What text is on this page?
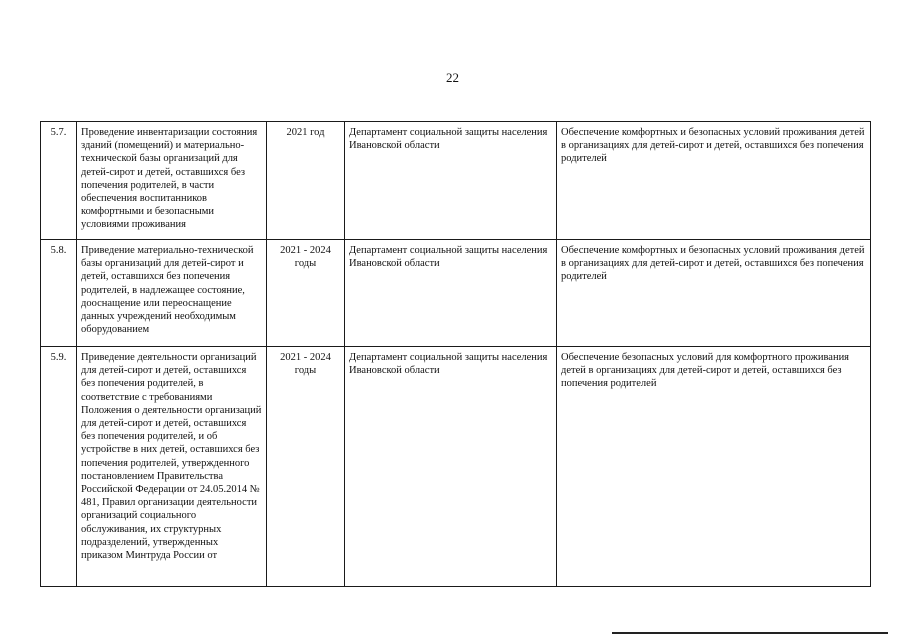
22
5.7.	Проведение инвентаризации состояния зданий (помещений) и материально-технической базы организаций для детей-сирот и детей, оставшихся без попечения родителей, в части обеспечения воспитанников комфортными и безопасными условиями проживания	2021 год	Департамент социальной защиты населения Ивановской области	Обеспечение комфортных и безопасных условий проживания детей в организациях для детей-сирот и детей, оставшихся без попечения родителей
5.8.	Приведение материально-технической базы организаций для детей-сирот и детей, оставшихся без попечения родителей, в надлежащее состояние, дооснащение или переоснащение данных учреждений необходимым оборудованием	2021 - 2024 годы	Департамент социальной защиты населения Ивановской области	Обеспечение комфортных и безопасных условий проживания детей в организациях для детей-сирот и детей, оставшихся без попечения родителей
5.9.	Приведение деятельности организаций для детей-сирот и детей, оставшихся без попечения родителей, в соответствие с требованиями Положения о деятельности организаций для детей-сирот и детей, оставшихся без попечения родителей, и об устройстве в них детей, оставшихся без попечения родителей, утвержденного постановлением Правительства Российской Федерации от 24.05.2014 № 481, Правил организации деятельности организаций социального обслуживания, их структурных подразделений, утвержденных приказом Минтруда России от	2021 - 2024 годы	Департамент социальной защиты населения Ивановской области	Обеспечение безопасных условий для комфортного проживания детей в организациях для детей-сирот и детей, оставшихся без попечения родителей
